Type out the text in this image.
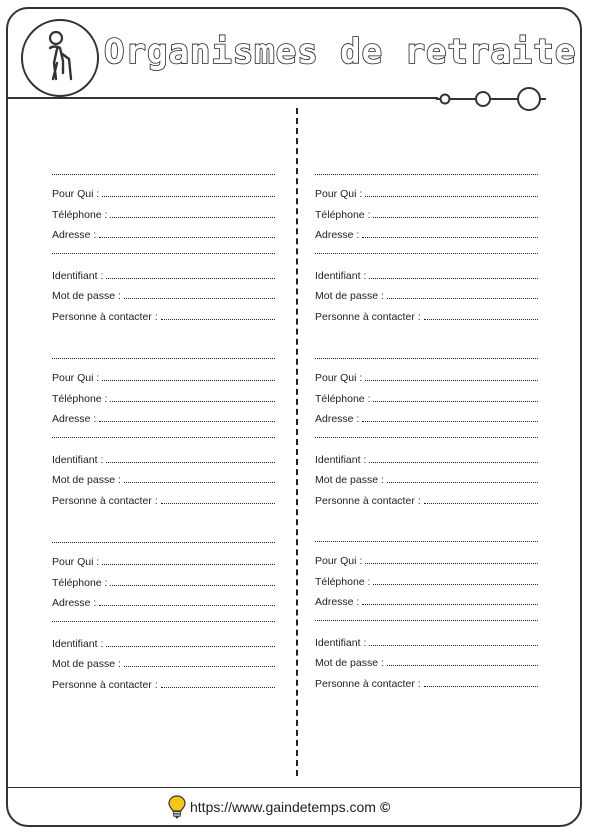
Organismes de retraite
Pour Qui :
Téléphone :
Adresse :
Identifiant :
Mot de passe :
Personne à contacter :
Pour Qui :
Téléphone :
Adresse :
Identifiant :
Mot de passe :
Personne à contacter :
Pour Qui :
Téléphone :
Adresse :
Identifiant :
Mot de passe :
Personne à contacter :
Pour Qui :
Téléphone :
Adresse :
Identifiant :
Mot de passe :
Personne à contacter :
Pour Qui :
Téléphone :
Adresse :
Identifiant :
Mot de passe :
Personne à contacter :
Pour Qui :
Téléphone :
Adresse :
Identifiant :
Mot de passe :
Personne à contacter :
https://www.gaindetemps.com ©
